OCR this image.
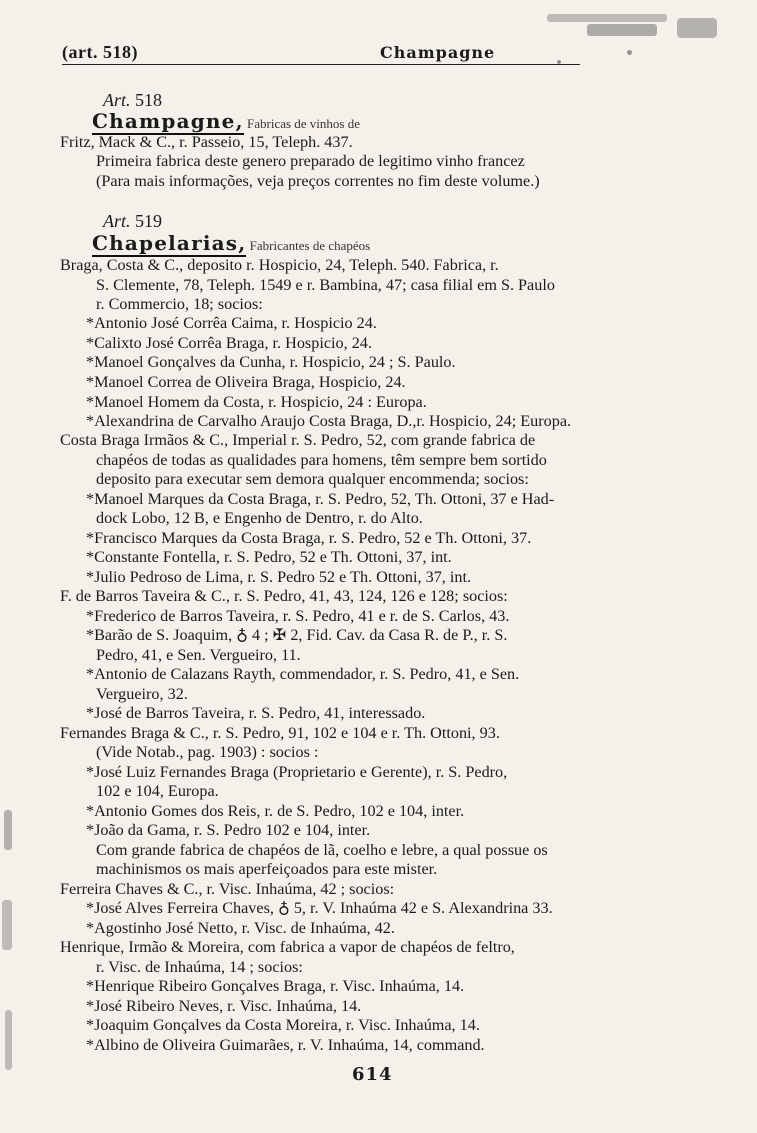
(art. 518)	Champagne
Art. 518
Champagne, Fabricas de vinhos de
Fritz, Mack & C., r. Passeio, 15, Teleph. 437.
Primeira fabrica deste genero preparado de legitimo vinho francez
(Para mais informações, veja preços correntes no fim deste volume.)
Art. 519
Chapelarias, Fabricantes de chapéos
Braga, Costa & C., deposito r. Hospicio, 24, Teleph. 540. Fabrica, r.
S. Clemente, 78, Teleph. 1549 e r. Bambina, 47; casa filial em S. Paulo
r. Commercio, 18; socios:
*Antonio José Corrêa Caima, r. Hospicio 24.
*Calixto José Corrêa Braga, r. Hospicio, 24.
*Manoel Gonçalves da Cunha, r. Hospicio, 24 ; S. Paulo.
*Manoel Correa de Oliveira Braga, Hospicio, 24.
*Manoel Homem da Costa, r. Hospicio, 24 : Europa.
*Alexandrina de Carvalho Araujo Costa Braga, D.,r. Hospicio, 24; Europa.
Costa Braga Irmãos & C., Imperial r. S. Pedro, 52, com grande fabrica de
chapéos de todas as qualidades para homens, têm sempre bem sortido
deposito para executar sem demora qualquer encommenda; socios:
*Manoel Marques da Costa Braga, r. S. Pedro, 52, Th. Ottoni, 37 e Had-
dock Lobo, 12 B, e Engenho de Dentro, r. do Alto.
*Francisco Marques da Costa Braga, r. S. Pedro, 52 e Th. Ottoni, 37.
*Constante Fontella, r. S. Pedro, 52 e Th. Ottoni, 37, int.
*Julio Pedroso de Lima, r. S. Pedro 52 e Th. Ottoni, 37, int.
F. de Barros Taveira & C., r. S. Pedro, 41, 43, 124, 126 e 128; socios:
*Frederico de Barros Taveira, r. S. Pedro, 41 e r. de S. Carlos, 43.
*Barão de S. Joaquim, ♁ 4 ; ✠ 2, Fid. Cav. da Casa R. de P., r. S.
Pedro, 41, e Sen. Vergueiro, 11.
*Antonio de Calazans Rayth, commendador, r. S. Pedro, 41, e Sen.
Vergueiro, 32.
*José de Barros Taveira, r. S. Pedro, 41, interessado.
Fernandes Braga & C., r. S. Pedro, 91, 102 e 104 e r. Th. Ottoni, 93.
(Vide Notab., pag. 1903) : socios :
*José Luiz Fernandes Braga (Proprietario e Gerente), r. S. Pedro,
102 e 104, Europa.
*Antonio Gomes dos Reis, r. de S. Pedro, 102 e 104, inter.
*João da Gama, r. S. Pedro 102 e 104, inter.
Com grande fabrica de chapéos de lã, coelho e lebre, a qual possue os
machinismos os mais aperfeiçoados para este mister.
Ferreira Chaves & C., r. Visc. Inhaúma, 42 ; socios:
*José Alves Ferreira Chaves, ♁ 5, r. V. Inhaúma 42 e S. Alexandrina 33.
*Agostinho José Netto, r. Visc. de Inhaúma, 42.
Henrique, Irmão & Moreira, com fabrica a vapor de chapéos de feltro,
r. Visc. de Inhaúma, 14 ; socios:
*Henrique Ribeiro Gonçalves Braga, r. Visc. Inhaúma, 14.
*José Ribeiro Neves, r. Visc. Inhaúma, 14.
*Joaquim Gonçalves da Costa Moreira, r. Visc. Inhaúma, 14.
*Albino de Oliveira Guimarães, r. V. Inhaúma, 14, command.
614
